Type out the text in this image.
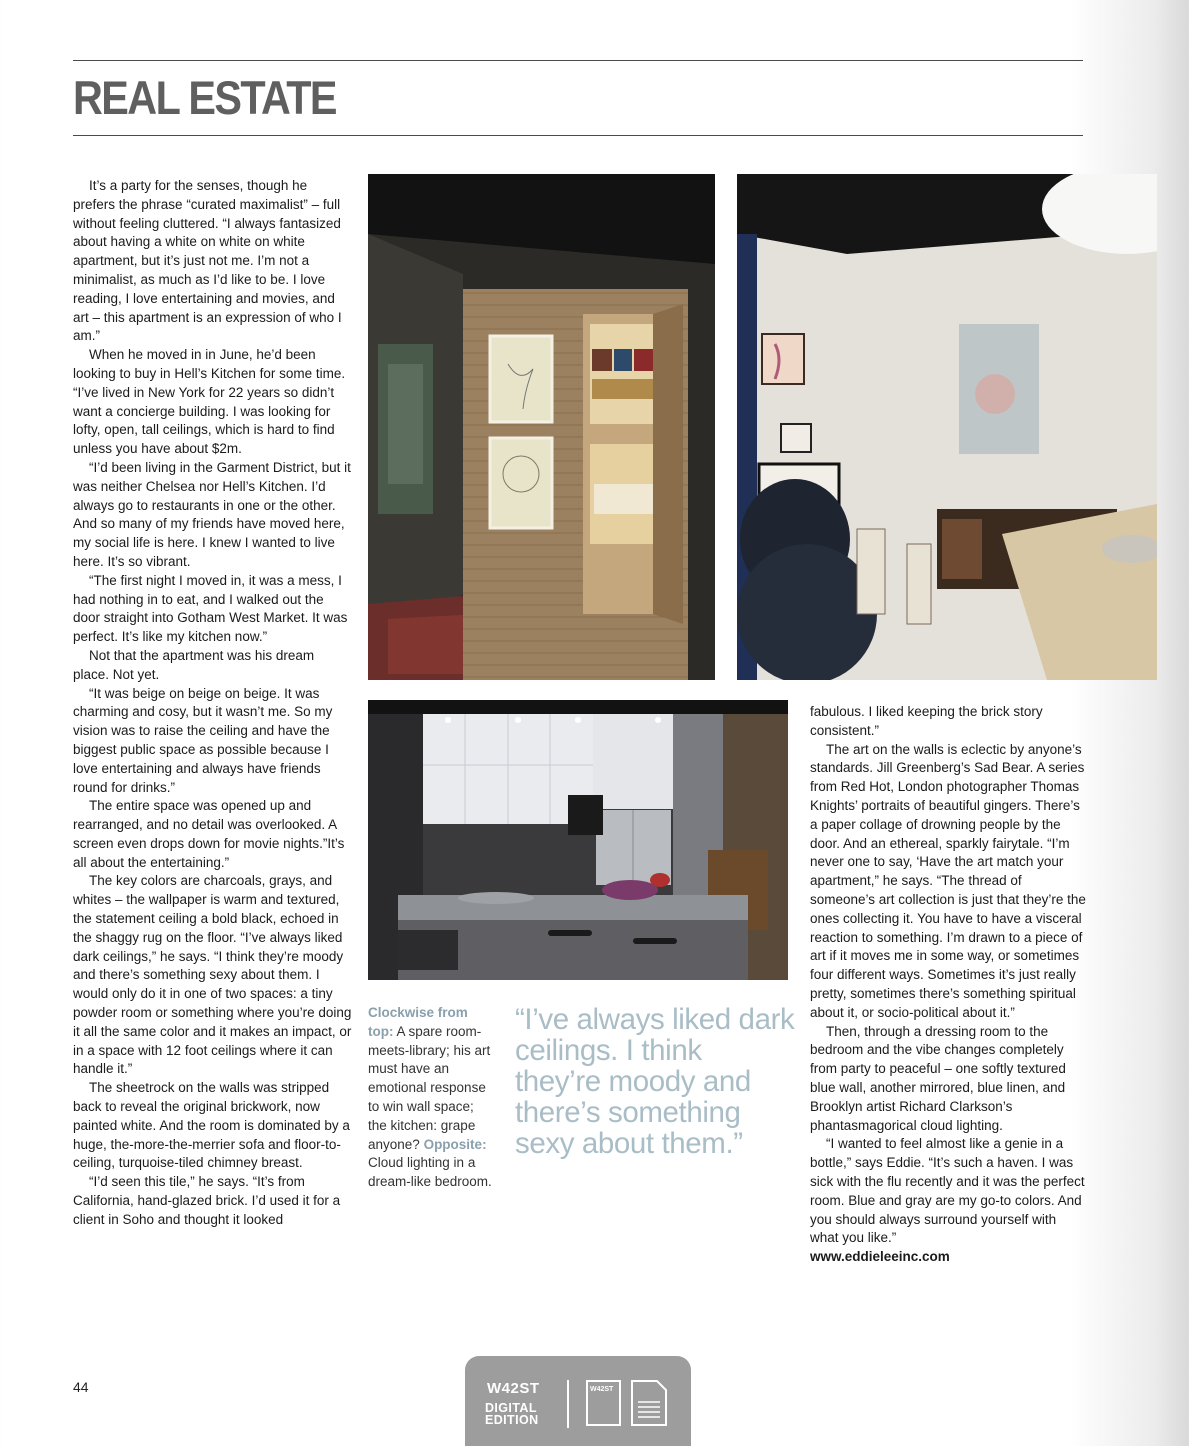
REAL ESTATE

It’s a party for the senses, though he prefers the phrase “curated maximalist” – full without feeling cluttered. “I always fantasized about having a white on white on white apartment, but it’s just not me. I’m not a minimalist, as much as I’d like to be. I love reading, I love entertaining and movies, and art – this apartment is an expression of who I am.”

When he moved in in June, he’d been looking to buy in Hell’s Kitchen for some time. “I’ve lived in New York for 22 years so didn’t want a concierge building. I was looking for lofty, open, tall ceilings, which is hard to find unless you have about $2m.

“I’d been living in the Garment District, but it was neither Chelsea nor Hell’s Kitchen. I’d always go to restaurants in one or the other. And so many of my friends have moved here, my social life is here. I knew I wanted to live here. It’s so vibrant.

“The first night I moved in, it was a mess, I had nothing in to eat, and I walked out the door straight into Gotham West Market. It was perfect. It’s like my kitchen now.”

Not that the apartment was his dream place. Not yet.

“It was beige on beige on beige. It was charming and cosy, but it wasn’t me. So my vision was to raise the ceiling and have the biggest public space as possible because I love entertaining and always have friends round for drinks.”

The entire space was opened up and rearranged, and no detail was overlooked. A screen even drops down for movie nights.”It’s all about the entertaining.”

The key colors are charcoals, grays, and whites – the wallpaper is warm and textured, the statement ceiling a bold black, echoed in the shaggy rug on the floor. “I’ve always liked dark ceilings,” he says. “I think they’re moody and there’s something sexy about them. I would only do it in one of two spaces: a tiny powder room or something where you’re doing it all the same color and it makes an impact, or in a space with 12 foot ceilings where it can handle it.”

The sheetrock on the walls was stripped back to reveal the original brickwork, now painted white. And the room is dominated by a huge, the-more-the-merrier sofa and floor-to-ceiling, turquoise-tiled chimney breast.

“I’d seen this tile,” he says. “It’s from California, hand-glazed brick. I’d used it for a client in Soho and thought it looked

fabulous. I liked keeping the brick story consistent.”

The art on the walls is eclectic by anyone’s standards. Jill Greenberg’s Sad Bear. A series from Red Hot, London photographer Thomas Knights’ portraits of beautiful gingers. There’s a paper collage of drowning people by the door. And an ethereal, sparkly fairytale. “I’m never one to say, ‘Have the art match your apartment,” he says. “The thread of someone’s art collection is just that they’re the ones collecting it. You have to have a visceral reaction to something. I’m drawn to a piece of art if it moves me in some way, or sometimes four different ways. Sometimes it’s just really pretty, sometimes there’s something spiritual about it, or socio-political about it.”

Then, through a dressing room to the bedroom and the vibe changes completely from party to peaceful – one softly textured blue wall, another mirrored, blue linen, and Brooklyn artist Richard Clarkson’s phantasmagorical cloud lighting.

“I wanted to feel almost like a genie in a bottle,” says Eddie. “It’s such a haven. I was sick with the flu recently and it was the perfect room. Blue and gray are my go-to colors. And you should always surround yourself with what you like.”

www.eddieleeinc.com
Clockwise from top: A spare room-meets-library; his art must have an emotional response to win wall space; the kitchen: grape anyone? Opposite: Cloud lighting in a dream-like bedroom.
“I’ve always liked dark ceilings. I think they’re moody and there’s something sexy about them.”
44	W42ST
DIGITAL
EDITION
W42ST
